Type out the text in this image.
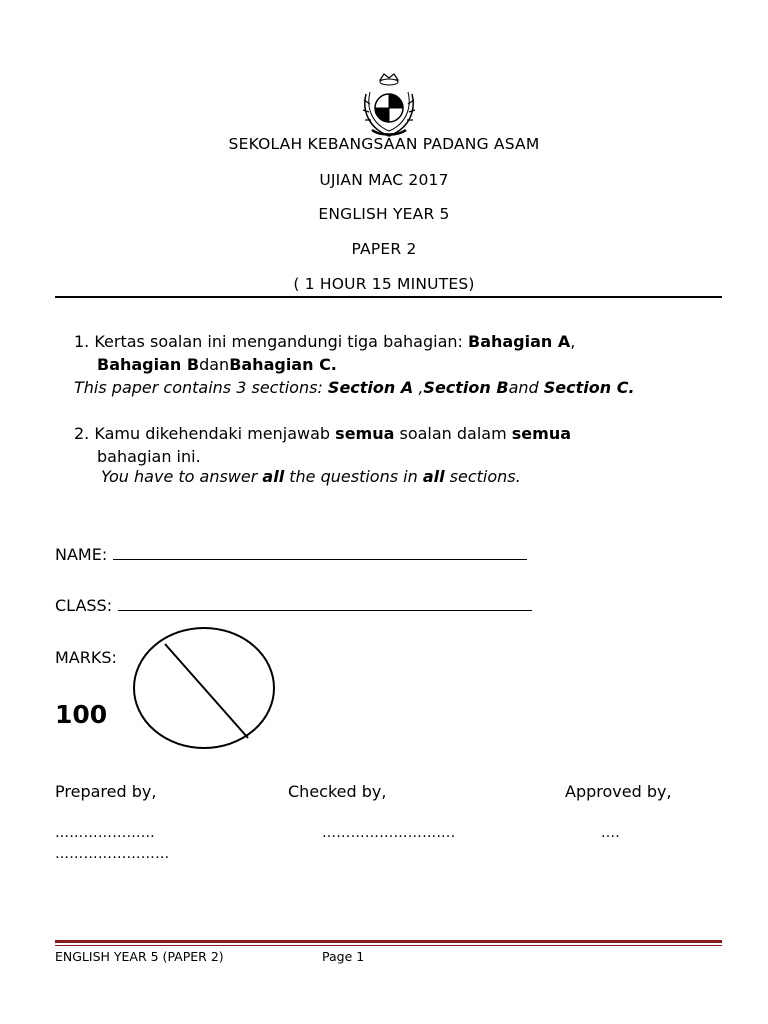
SEKOLAH KEBANGSAAN PADANG ASAM
UJIAN MAC 2017
ENGLISH YEAR 5
PAPER 2
( 1 HOUR 15 MINUTES)
1. Kertas soalan ini mengandungi tiga bahagian: Bahagian A,
Bahagian BdanBahagian C.
This paper contains 3 sections: Section A ,Section Band Section C.
2. Kamu dikehendaki menjawab semua soalan dalam semua
bahagian ini.
You have to answer all the questions in all sections.
NAME:
CLASS:
MARKS:
100
Prepared by,	Checked by,	Approved by,
…………………	……………………….	….
……………………
ENGLISH YEAR 5 (PAPER 2)	Page 1
